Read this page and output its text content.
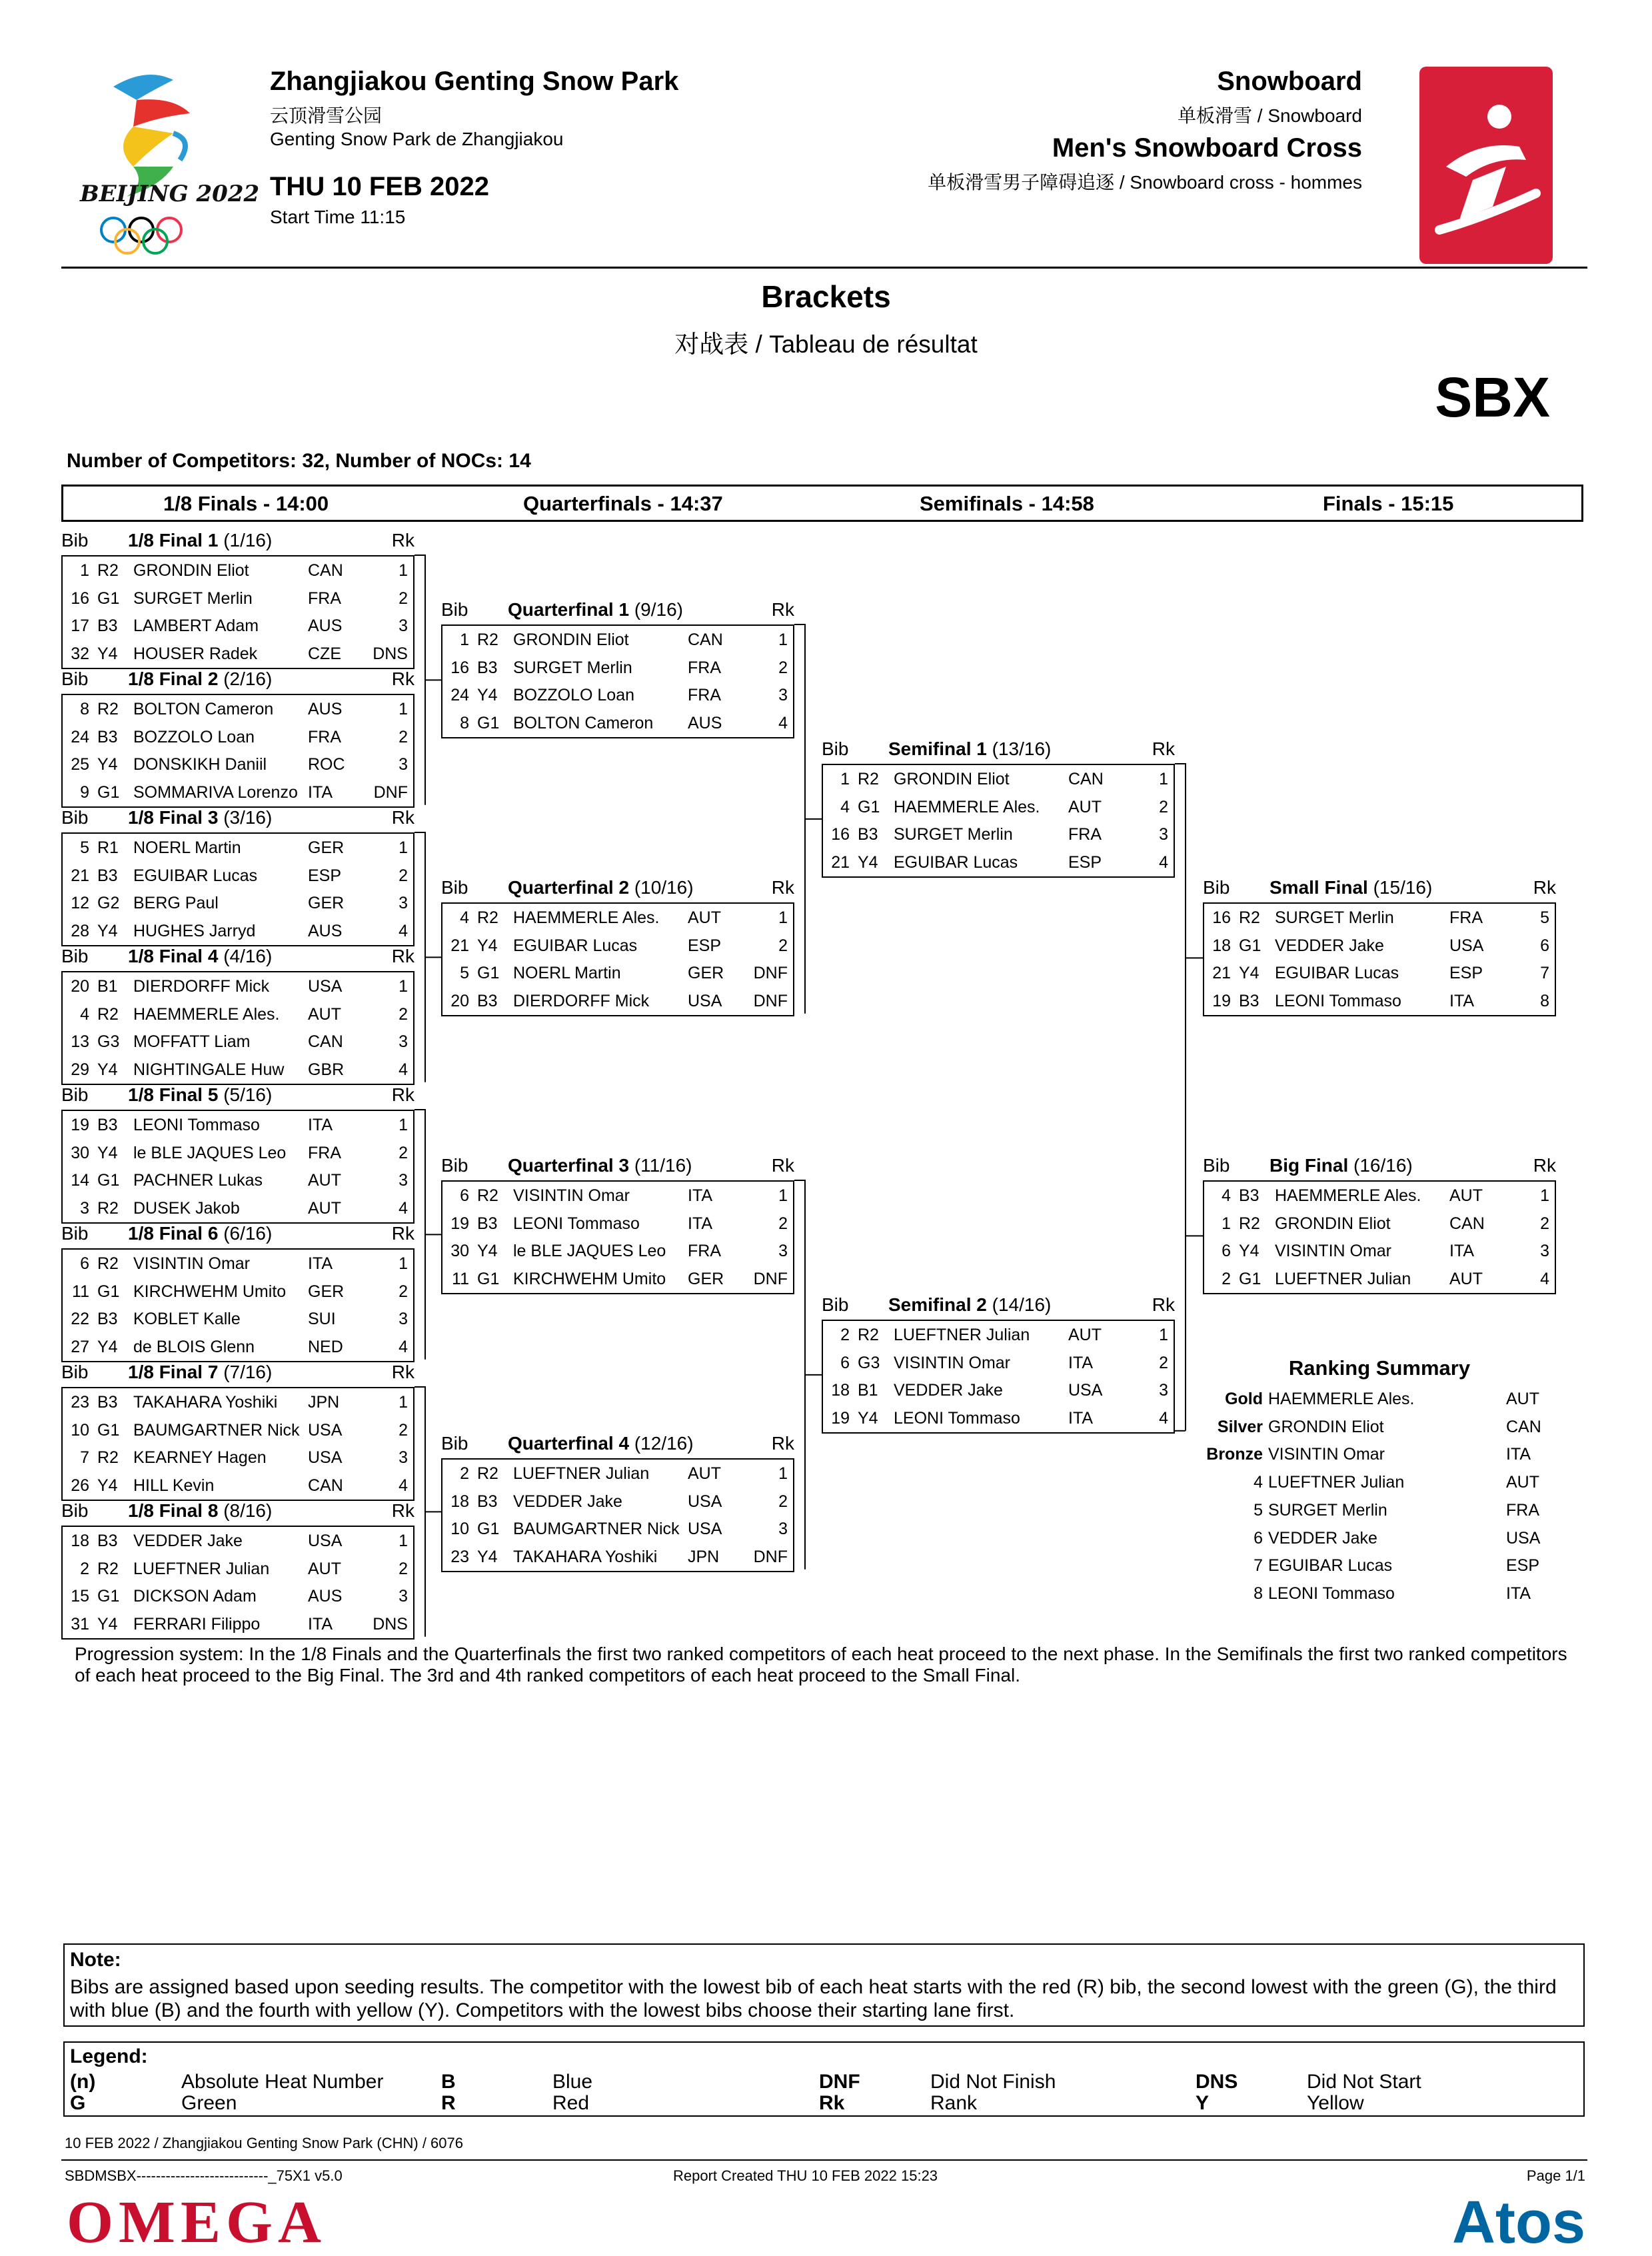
BEIJING 2022
Zhangjiakou Genting Snow Park
云顶滑雪公园
Genting Snow Park de Zhangjiakou
THU 10 FEB 2022
Start Time 11:15
Snowboard
单板滑雪 / Snowboard
Men's Snowboard Cross
单板滑雪男子障碍追逐 / Snowboard cross - hommes
Brackets
对战表 / Tableau de résultat
SBX
Number of Competitors: 32, Number of NOCs: 14
1/8 Finals - 14:00	Quarterfinals - 14:37	Semifinals - 14:58	Finals - 15:15
Bib 1/8 Final 1 (1/16)	Rk
1 R2 GRONDIN Eliot	CAN	1
16 G1 SURGET Merlin	FRA	2
17 B3 LAMBERT Adam	AUS	3
32 Y4 HOUSER Radek	CZE DNS
Bib 1/8 Final 2 (2/16)	Rk
8 R2 BOLTON Cameron AUS	1
24 B3 BOZZOLO Loan	FRA	2
25 Y4 DONSKIKH Daniil ROC	3
9 G1 SOMMARIVA Lorenzo ITA DNF
Bib 1/8 Final 3 (3/16)	Rk
5 R1 NOERL Martin	GER	1
21 B3 EGUIBAR Lucas	ESP	2
12 G2 BERG Paul	GER	3
28 Y4 HUGHES Jarryd	AUS	4
Bib 1/8 Final 4 (4/16)	Rk
20 B1 DIERDORFF Mick USA	1
4 R2 HAEMMERLE Ales. AUT	2
13 G3 MOFFATT Liam	CAN	3
29 Y4 NIGHTINGALE Huw GBR	4
Bib 1/8 Final 5 (5/16)	Rk
19 B3 LEONI Tommaso	ITA	1
30 Y4 le BLE JAQUES Leo FRA	2
14 G1 PACHNER Lukas	AUT	3
3 R2 DUSEK Jakob	AUT	4
Bib 1/8 Final 6 (6/16)	Rk
6 R2 VISINTIN Omar	ITA	1
11 G1 KIRCHWEHM Umito GER	2
22 B3 KOBLET Kalle	SUI	3
27 Y4 de BLOIS Glenn	NED	4
Bib 1/8 Final 7 (7/16)	Rk
23 B3 TAKAHARA Yoshiki JPN	1
10 G1 BAUMGARTNER Nick USA	2
7 R2 KEARNEY Hagen USA	3
26 Y4 HILL Kevin	CAN	4
Bib 1/8 Final 8 (8/16)	Rk
18 B3 VEDDER Jake	USA	1
2 R2 LUEFTNER Julian AUT	2
15 G1 DICKSON Adam	AUS	3
31 Y4 FERRARI Filippo	ITA DNS
Bib Quarterfinal 1 (9/16)	Rk
1 R2 GRONDIN Eliot	CAN	1
16 B3 SURGET Merlin	FRA	2
24 Y4 BOZZOLO Loan	FRA	3
8 G1 BOLTON Cameron AUS	4
Bib Quarterfinal 2 (10/16)	Rk
4 R2 HAEMMERLE Ales. AUT	1
21 Y4 EGUIBAR Lucas	ESP	2
5 G1 NOERL Martin	GER DNF
20 B3 DIERDORFF Mick USA DNF
Bib Quarterfinal 3 (11/16)	Rk
6 R2 VISINTIN Omar	ITA	1
19 B3 LEONI Tommaso	ITA	2
30 Y4 le BLE JAQUES Leo FRA	3
11 G1 KIRCHWEHM Umito GER DNF
Bib Quarterfinal 4 (12/16)	Rk
2 R2 LUEFTNER Julian AUT	1
18 B3 VEDDER Jake	USA	2
10 G1 BAUMGARTNER Nick USA	3
23 Y4 TAKAHARA Yoshiki JPN DNF
Bib Semifinal 1 (13/16)	Rk
1 R2 GRONDIN Eliot	CAN	1
4 G1 HAEMMERLE Ales. AUT	2
16 B3 SURGET Merlin	FRA	3
21 Y4 EGUIBAR Lucas	ESP	4
Bib Semifinal 2 (14/16)	Rk
2 R2 LUEFTNER Julian AUT	1
6 G3 VISINTIN Omar	ITA	2
18 B1 VEDDER Jake	USA	3
19 Y4 LEONI Tommaso	ITA	4
Bib Small Final (15/16)	Rk
16 R2 SURGET Merlin	FRA	5
18 G1 VEDDER Jake	USA	6
21 Y4 EGUIBAR Lucas	ESP	7
19 B3 LEONI Tommaso	ITA	8
Bib Big Final (16/16)	Rk
4 B3 HAEMMERLE Ales. AUT	1
1 R2 GRONDIN Eliot	CAN	2
6 Y4 VISINTIN Omar	ITA	3
2 G1 LUEFTNER Julian AUT	4
Ranking Summary
Gold HAEMMERLE Ales.	AUT
Silver GRONDIN Eliot	CAN
Bronze VISINTIN Omar	ITA
4 LUEFTNER Julian	AUT
5 SURGET Merlin	FRA
6 VEDDER Jake	USA
7 EGUIBAR Lucas	ESP
8 LEONI Tommaso	ITA
Progression system: In the 1/8 Finals and the Quarterfinals the first two ranked competitors of each heat proceed to the next phase. In the Semifinals the first two ranked competitors of each heat proceed to the Big Final. The 3rd and 4th ranked competitors of each heat proceed to the Small Final.
Note:
Bibs are assigned based upon seeding results. The competitor with the lowest bib of each heat starts with the red (R) bib, the second lowest with the green (G), the third with blue (B) and the fourth with yellow (Y). Competitors with the lowest bibs choose their starting lane first.
Legend:
(n)	Absolute Heat Number	B	Blue	DNF	Did Not Finish	DNS	Did Not Start
G	Green	R	Red	Rk	Rank	Y	Yellow
10 FEB 2022 / Zhangjiakou Genting Snow Park (CHN) / 6076
SBDMSBX---------------------------_75X1 v5.0	Report Created THU 10 FEB 2022 15:23	Page 1/1
OMEGA	Atos
